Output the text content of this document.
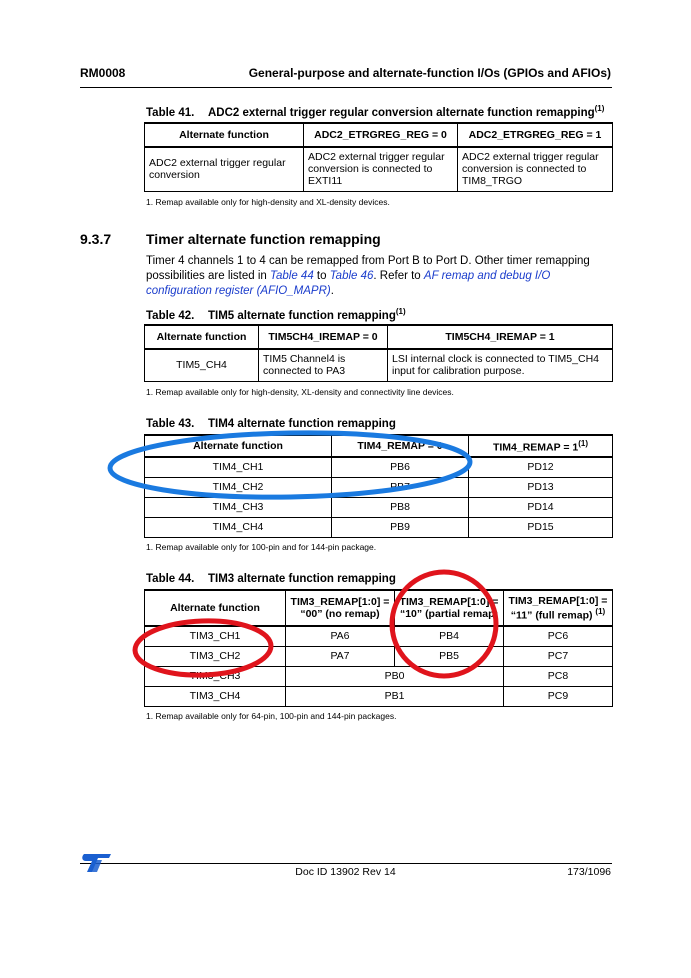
RM0008	General-purpose and alternate-function I/Os (GPIOs and AFIOs)
Table 41. ADC2 external trigger regular conversion alternate function remapping$^{(1)}$
Alternate function	ADC2_ETRGREG_REG = 0	ADC2_ETRGREG_REG = 1
ADC2 external trigger regular conversion	ADC2 external trigger regular conversion is connected to EXTI11	ADC2 external trigger regular conversion is connected to TIM8_TRGO
1. Remap available only for high-density and XL-density devices.
9.3.7 Timer alternate function remapping
Timer 4 channels 1 to 4 can be remapped from Port B to Port D. Other timer remapping possibilities are listed in Table 44 to Table 46. Refer to AF remap and debug I/O configuration register (AFIO_MAPR).
Table 42. TIM5 alternate function remapping$^{(1)}$
Alternate function	TIM5CH4_IREMAP = 0	TIM5CH4_IREMAP = 1
TIM5_CH4	TIM5 Channel4 is connected to PA3	LSI internal clock is connected to TIM5_CH4 input for calibration purpose.
1. Remap available only for high-density, XL-density and connectivity line devices.
Table 43. TIM4 alternate function remapping
Alternate function	TIM4_REMAP = 0	TIM4_REMAP = $1^{(1)}$
TIM4_CH1	PB6	PD12
TIM4_CH2	PB7	PD13
TIM4_CH3	PB8	PD14
TIM4_CH4	PB9	PD15
1. Remap available only for 100-pin and for 144-pin package.
Table 44. TIM3 alternate function remapping
Alternate function	TIM3_REMAP[1:0] = “00” (no remap)	TIM3_REMAP[1:0] = “10” (partial remap)	TIM3_REMAP[1:0] = “11” (full remap) $^{(1)}$
TIM3_CH1	PA6	PB4	PC6
TIM3_CH2	PA7	PB5	PC7
TIM3_CH3	PB0		PC8
TIM3_CH4	PB1		PC9
1. Remap available only for 64-pin, 100-pin and 144-pin packages.
Doc ID 13902 Rev 14	173/1096
